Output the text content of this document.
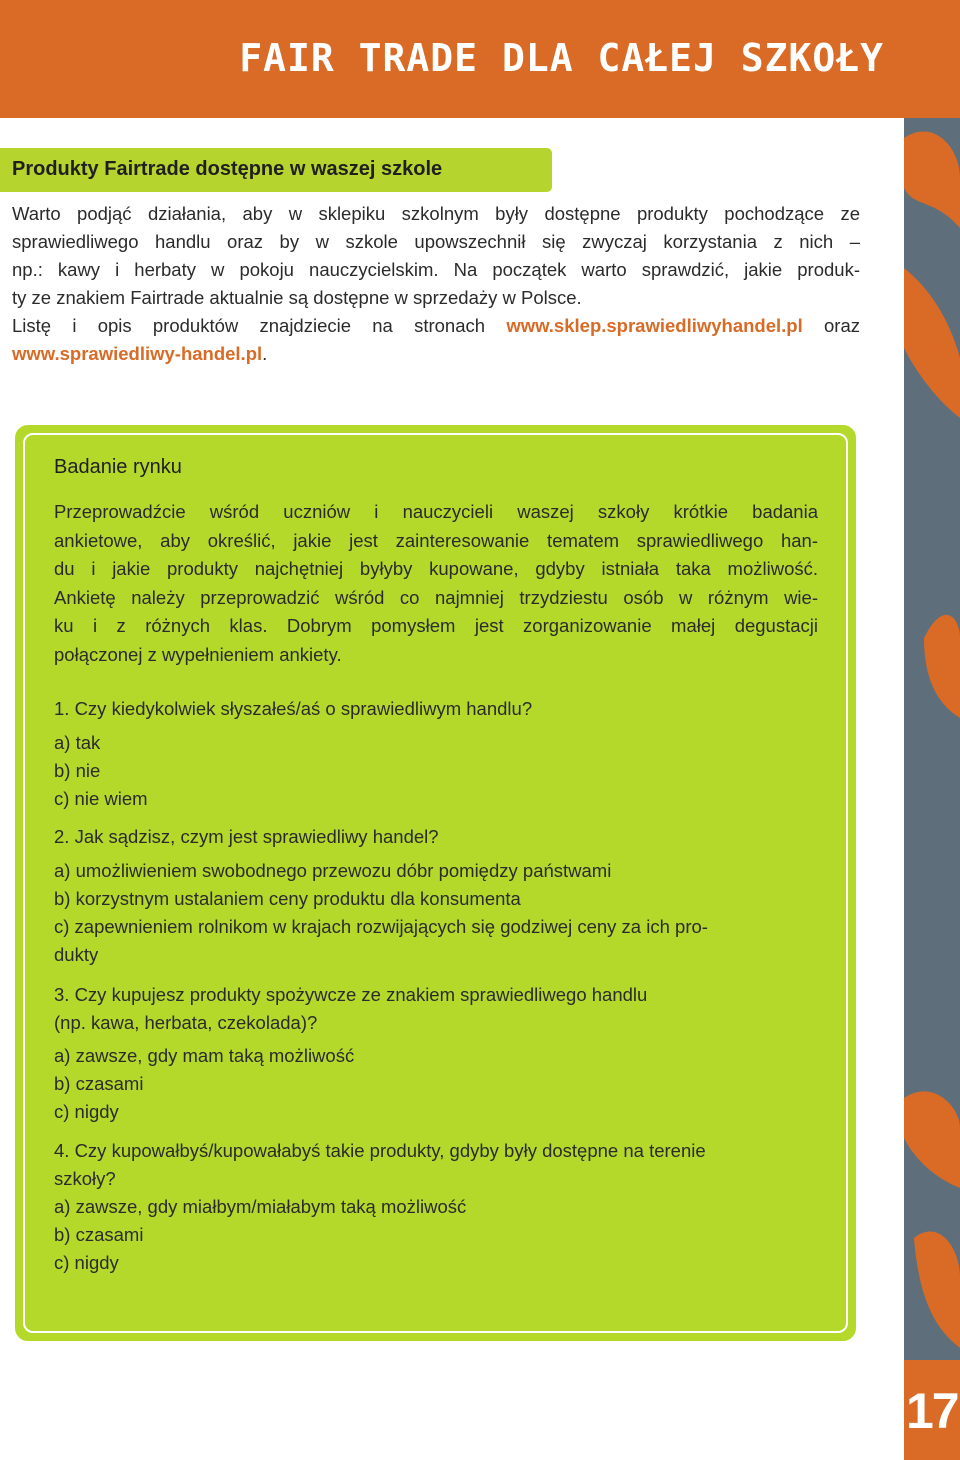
FAIR TRADE DLA CAŁEJ SZKOŁY
17
Produkty Fairtrade dostępne w waszej szkole
Warto podjąć działania, aby w sklepiku szkolnym były dostępne produkty pochodzące ze
sprawiedliwego handlu oraz by w szkole upowszechnił się zwyczaj korzystania z nich –
np.: kawy i herbaty w pokoju nauczycielskim. Na początek warto sprawdzić, jakie produk-
ty ze znakiem Fairtrade aktualnie są dostępne w sprzedaży w Polsce.
Listę i opis produktów znajdziecie na stronach www.sklep.sprawiedliwyhandel.pl oraz
www.sprawiedliwy-handel.pl.
Badanie rynku
Przeprowadźcie wśród uczniów i nauczycieli waszej szkoły krótkie badania
ankietowe, aby określić, jakie jest zainteresowanie tematem sprawiedliwego han-
du i jakie produkty najchętniej byłyby kupowane, gdyby istniała taka możliwość.
Ankietę należy przeprowadzić wśród co najmniej trzydziestu osób w różnym wie-
ku i z różnych klas. Dobrym pomysłem jest zorganizowanie małej degustacji
połączonej z wypełnieniem ankiety.
1. Czy kiedykolwiek słyszałeś/aś o sprawiedliwym handlu?
a) tak
b) nie
c) nie wiem
2. Jak sądzisz, czym jest sprawiedliwy handel?
a) umożliwieniem swobodnego przewozu dóbr pomiędzy państwami
b) korzystnym ustalaniem ceny produktu dla konsumenta
c) zapewnieniem rolnikom w krajach rozwijających się godziwej ceny za ich pro-
dukty
3. Czy kupujesz produkty spożywcze ze znakiem sprawiedliwego handlu
(np. kawa, herbata, czekolada)?
a) zawsze, gdy mam taką możliwość
b) czasami
c) nigdy
4. Czy kupowałbyś/kupowałabyś takie produkty, gdyby były dostępne na terenie
szkoły?
a) zawsze, gdy miałbym/miałabym taką możliwość
b) czasami
c) nigdy
